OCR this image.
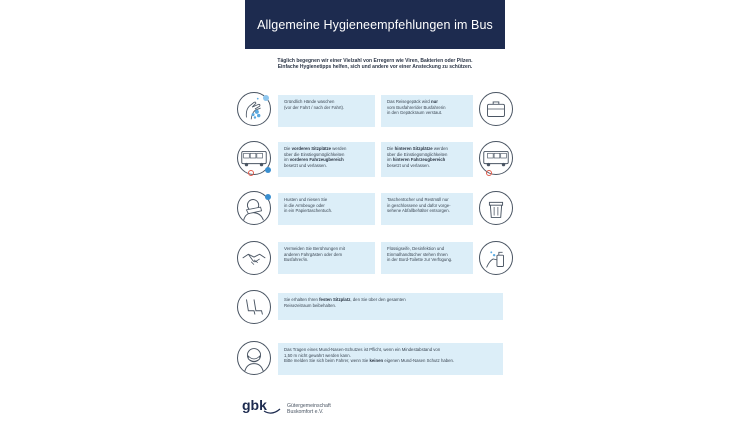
Allgemeine Hygieneempfehlungen im Bus
Täglich begegnen wir einer Vielzahl von Erregern wie Viren, Bakterien oder Pilzen.
Einfache Hygienetipps helfen, sich und andere vor einer Ansteckung zu schützen.
Gründlich Hände waschen
(vor der Fahrt / nach der Fahrt).
Das Reisegepäck wird nur
vom Busfahrer/der Busfahrerin
in den Gepäckraum verstaut.
Die vorderen Sitzplätze werden
über die Einstiegsmöglichkeiten
im vorderen Fahrzeugbereich
besetzt und verlassen.
Die hinteren Sitzplätze werden
über die Einstiegsmöglichkeiten
im hinteren Fahrzeugbereich
besetzt und verlassen.
Husten und niesen Sie
in die Armbeuge oder
in ein Papiertaschentuch.
Taschentücher und Restmüll nur
in geschlossene und dafür vorge-
sehene Abfallbehälter entsorgen.
Vermeiden Sie Berührungen mit
anderen Fahrgästen oder dem
Busfahrer/in.
Flüssigseife, Desinfektion und
Einmalhandtücher stehen Ihnen
in der Bord-Toilette zur Verfügung.
Sie erhalten Ihren festen Sitzplatz, den Sie über den gesamten
Reisezeitraum beibehalten.
Das Tragen eines Mund-Nasen-Schutzes ist Pflicht, wenn ein Mindestabstand von
1,50 m nicht gewahrt werden kann.
Bitte melden Sie sich beim Fahrer, wenn Sie keinen eigenen Mund-Nasen Schutz haben.
gbk	Gütergemeinschaft
Buskomfort e.V.
